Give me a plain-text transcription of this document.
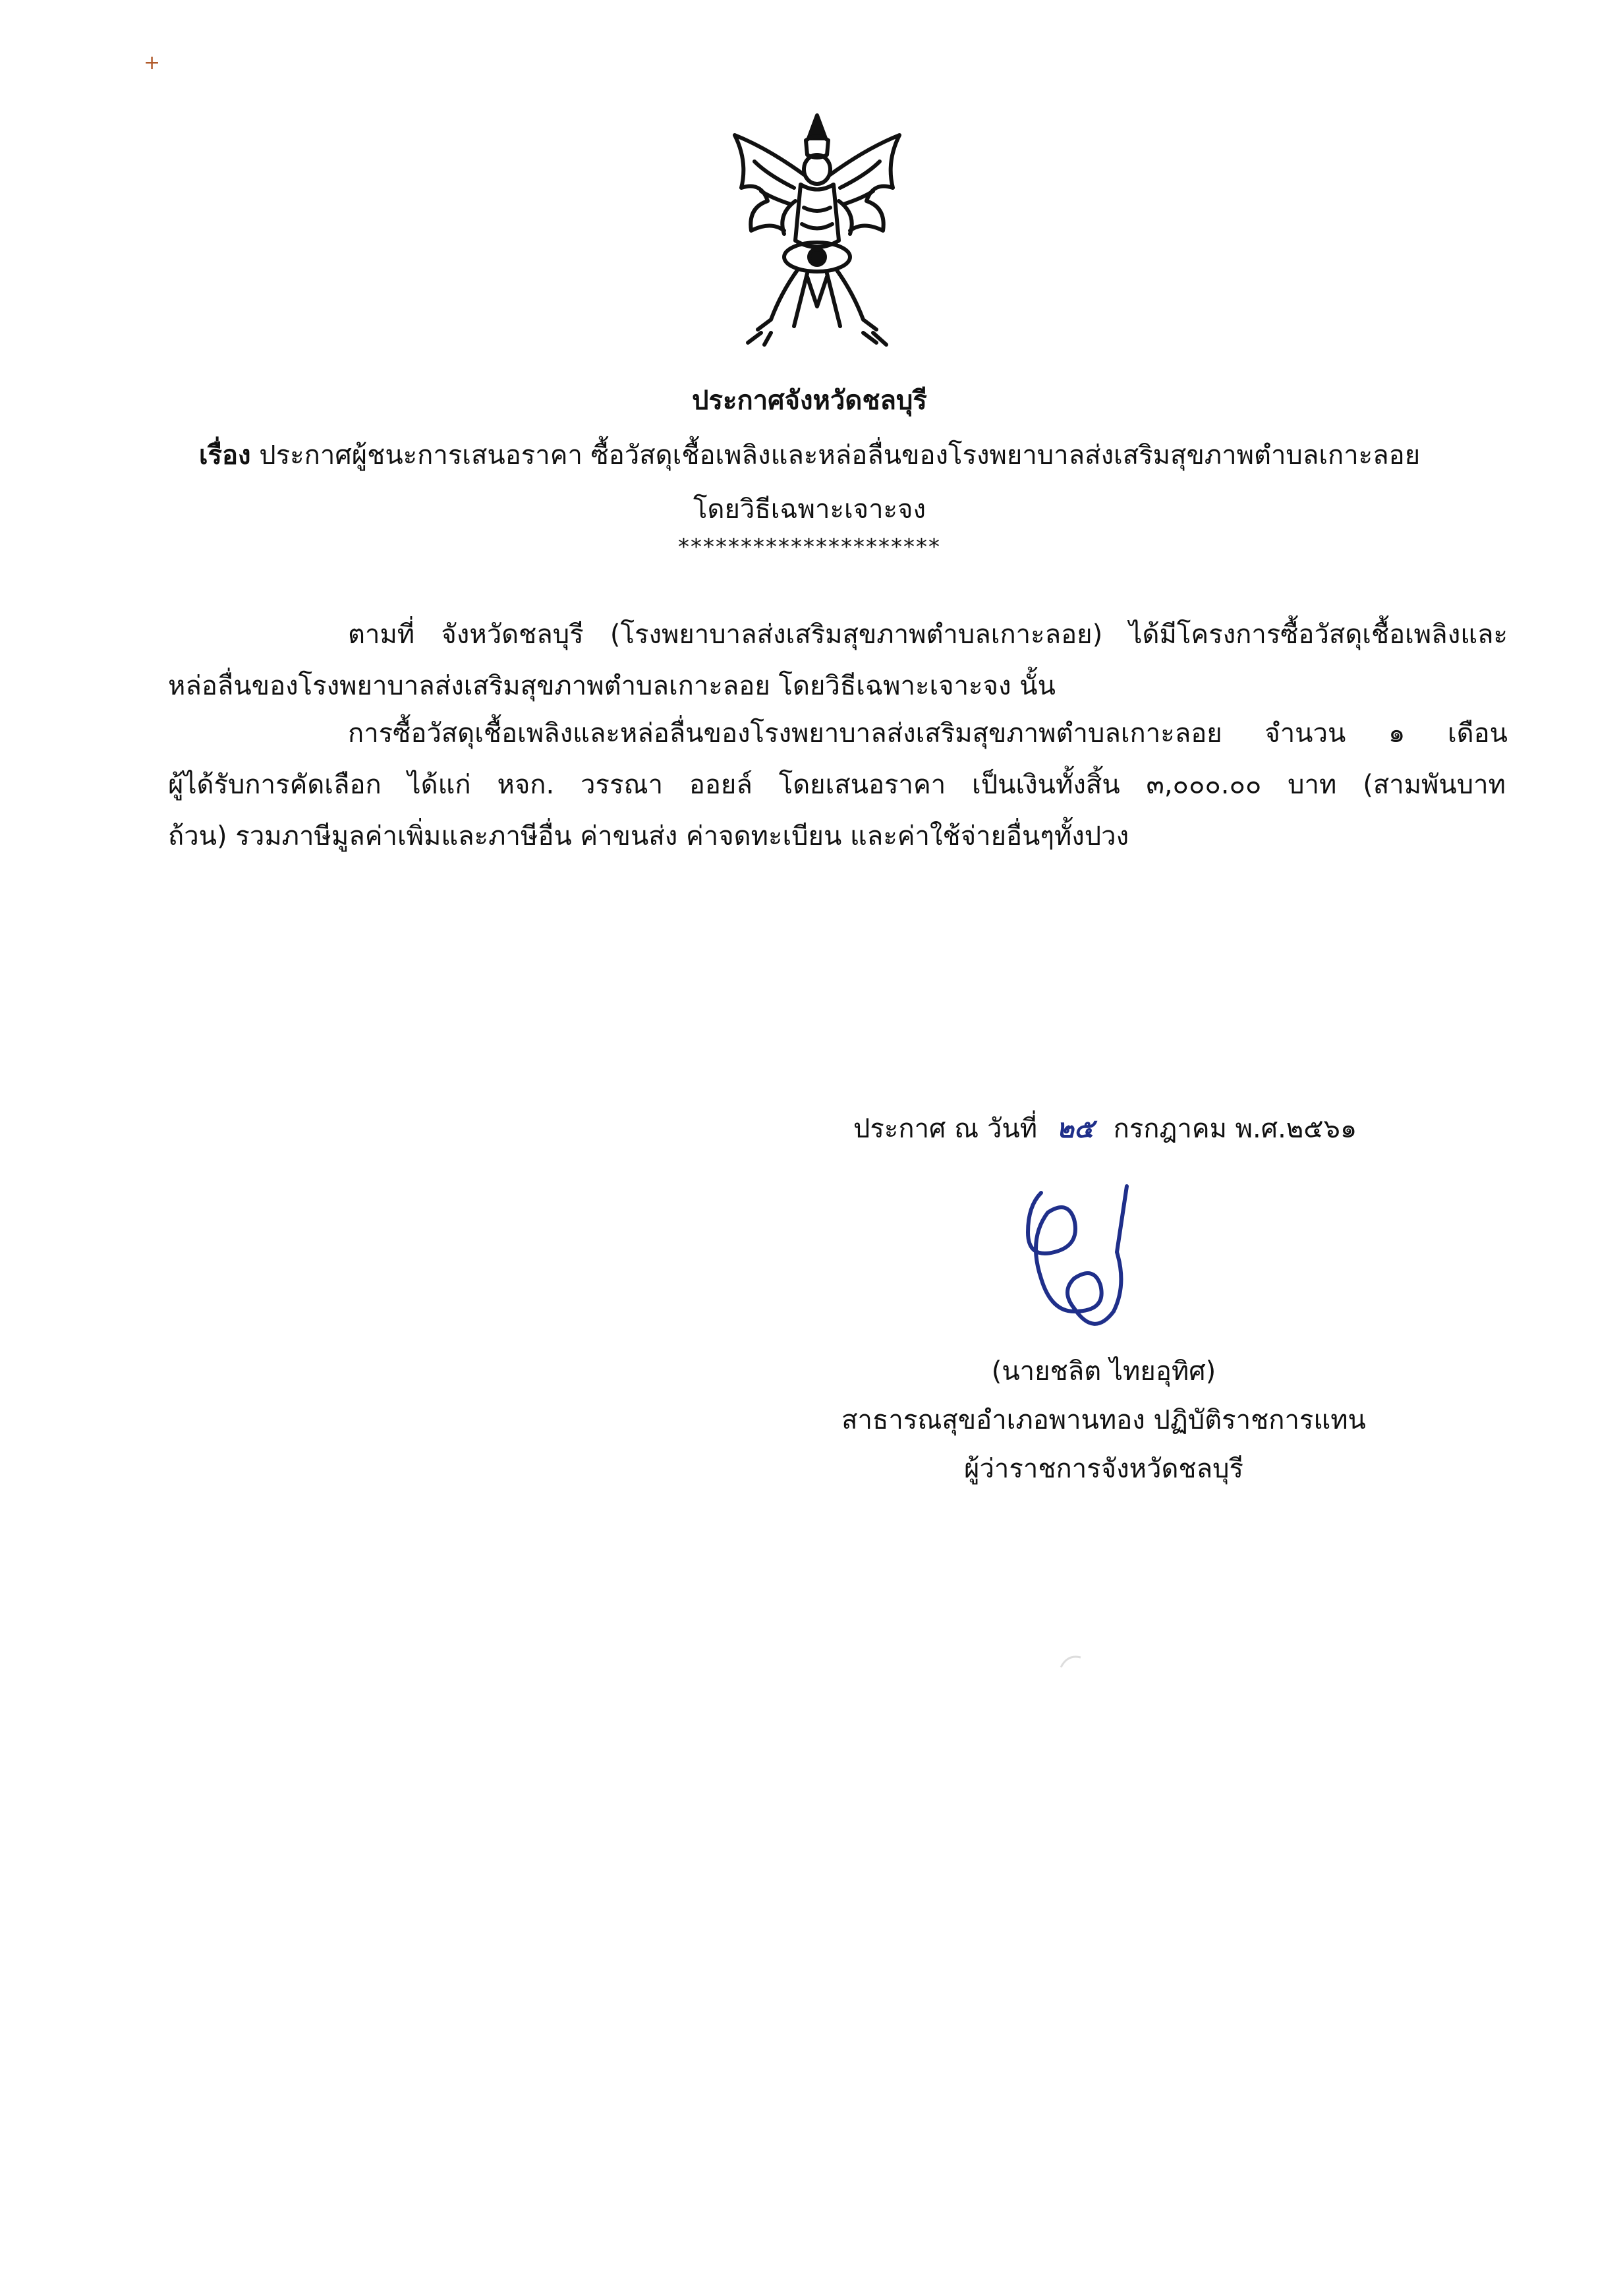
+
ประกาศจังหวัดชลบุรี
เรื่อง ประกาศผู้ชนะการเสนอราคา ซื้อวัสดุเชื้อเพลิงและหล่อลื่นของโรงพยาบาลส่งเสริมสุขภาพตำบลเกาะลอย
โดยวิธีเฉพาะเจาะจง
*********************
ตามที่ จังหวัดชลบุรี (โรงพยาบาลส่งเสริมสุขภาพตำบลเกาะลอย) ได้มีโครงการซื้อวัสดุเชื้อเพลิงและ
หล่อลื่นของโรงพยาบาลส่งเสริมสุขภาพตำบลเกาะลอย โดยวิธีเฉพาะเจาะจง นั้น
การซื้อวัสดุเชื้อเพลิงและหล่อลื่นของโรงพยาบาลส่งเสริมสุขภาพตำบลเกาะลอย จำนวน ๑ เดือน
ผู้ได้รับการคัดเลือก ได้แก่ หจก. วรรณา ออยล์ โดยเสนอราคา เป็นเงินทั้งสิ้น ๓,๐๐๐.๐๐ บาท (สามพันบาท
ถ้วน) รวมภาษีมูลค่าเพิ่มและภาษีอื่น ค่าขนส่ง ค่าจดทะเบียน และค่าใช้จ่ายอื่นๆทั้งปวง
ประกาศ ณ วันที่ ๒๕ กรกฎาคม พ.ศ.๒๕๖๑
(นายชลิต ไทยอุทิศ)
สาธารณสุขอำเภอพานทอง ปฏิบัติราชการแทน
ผู้ว่าราชการจังหวัดชลบุรี
